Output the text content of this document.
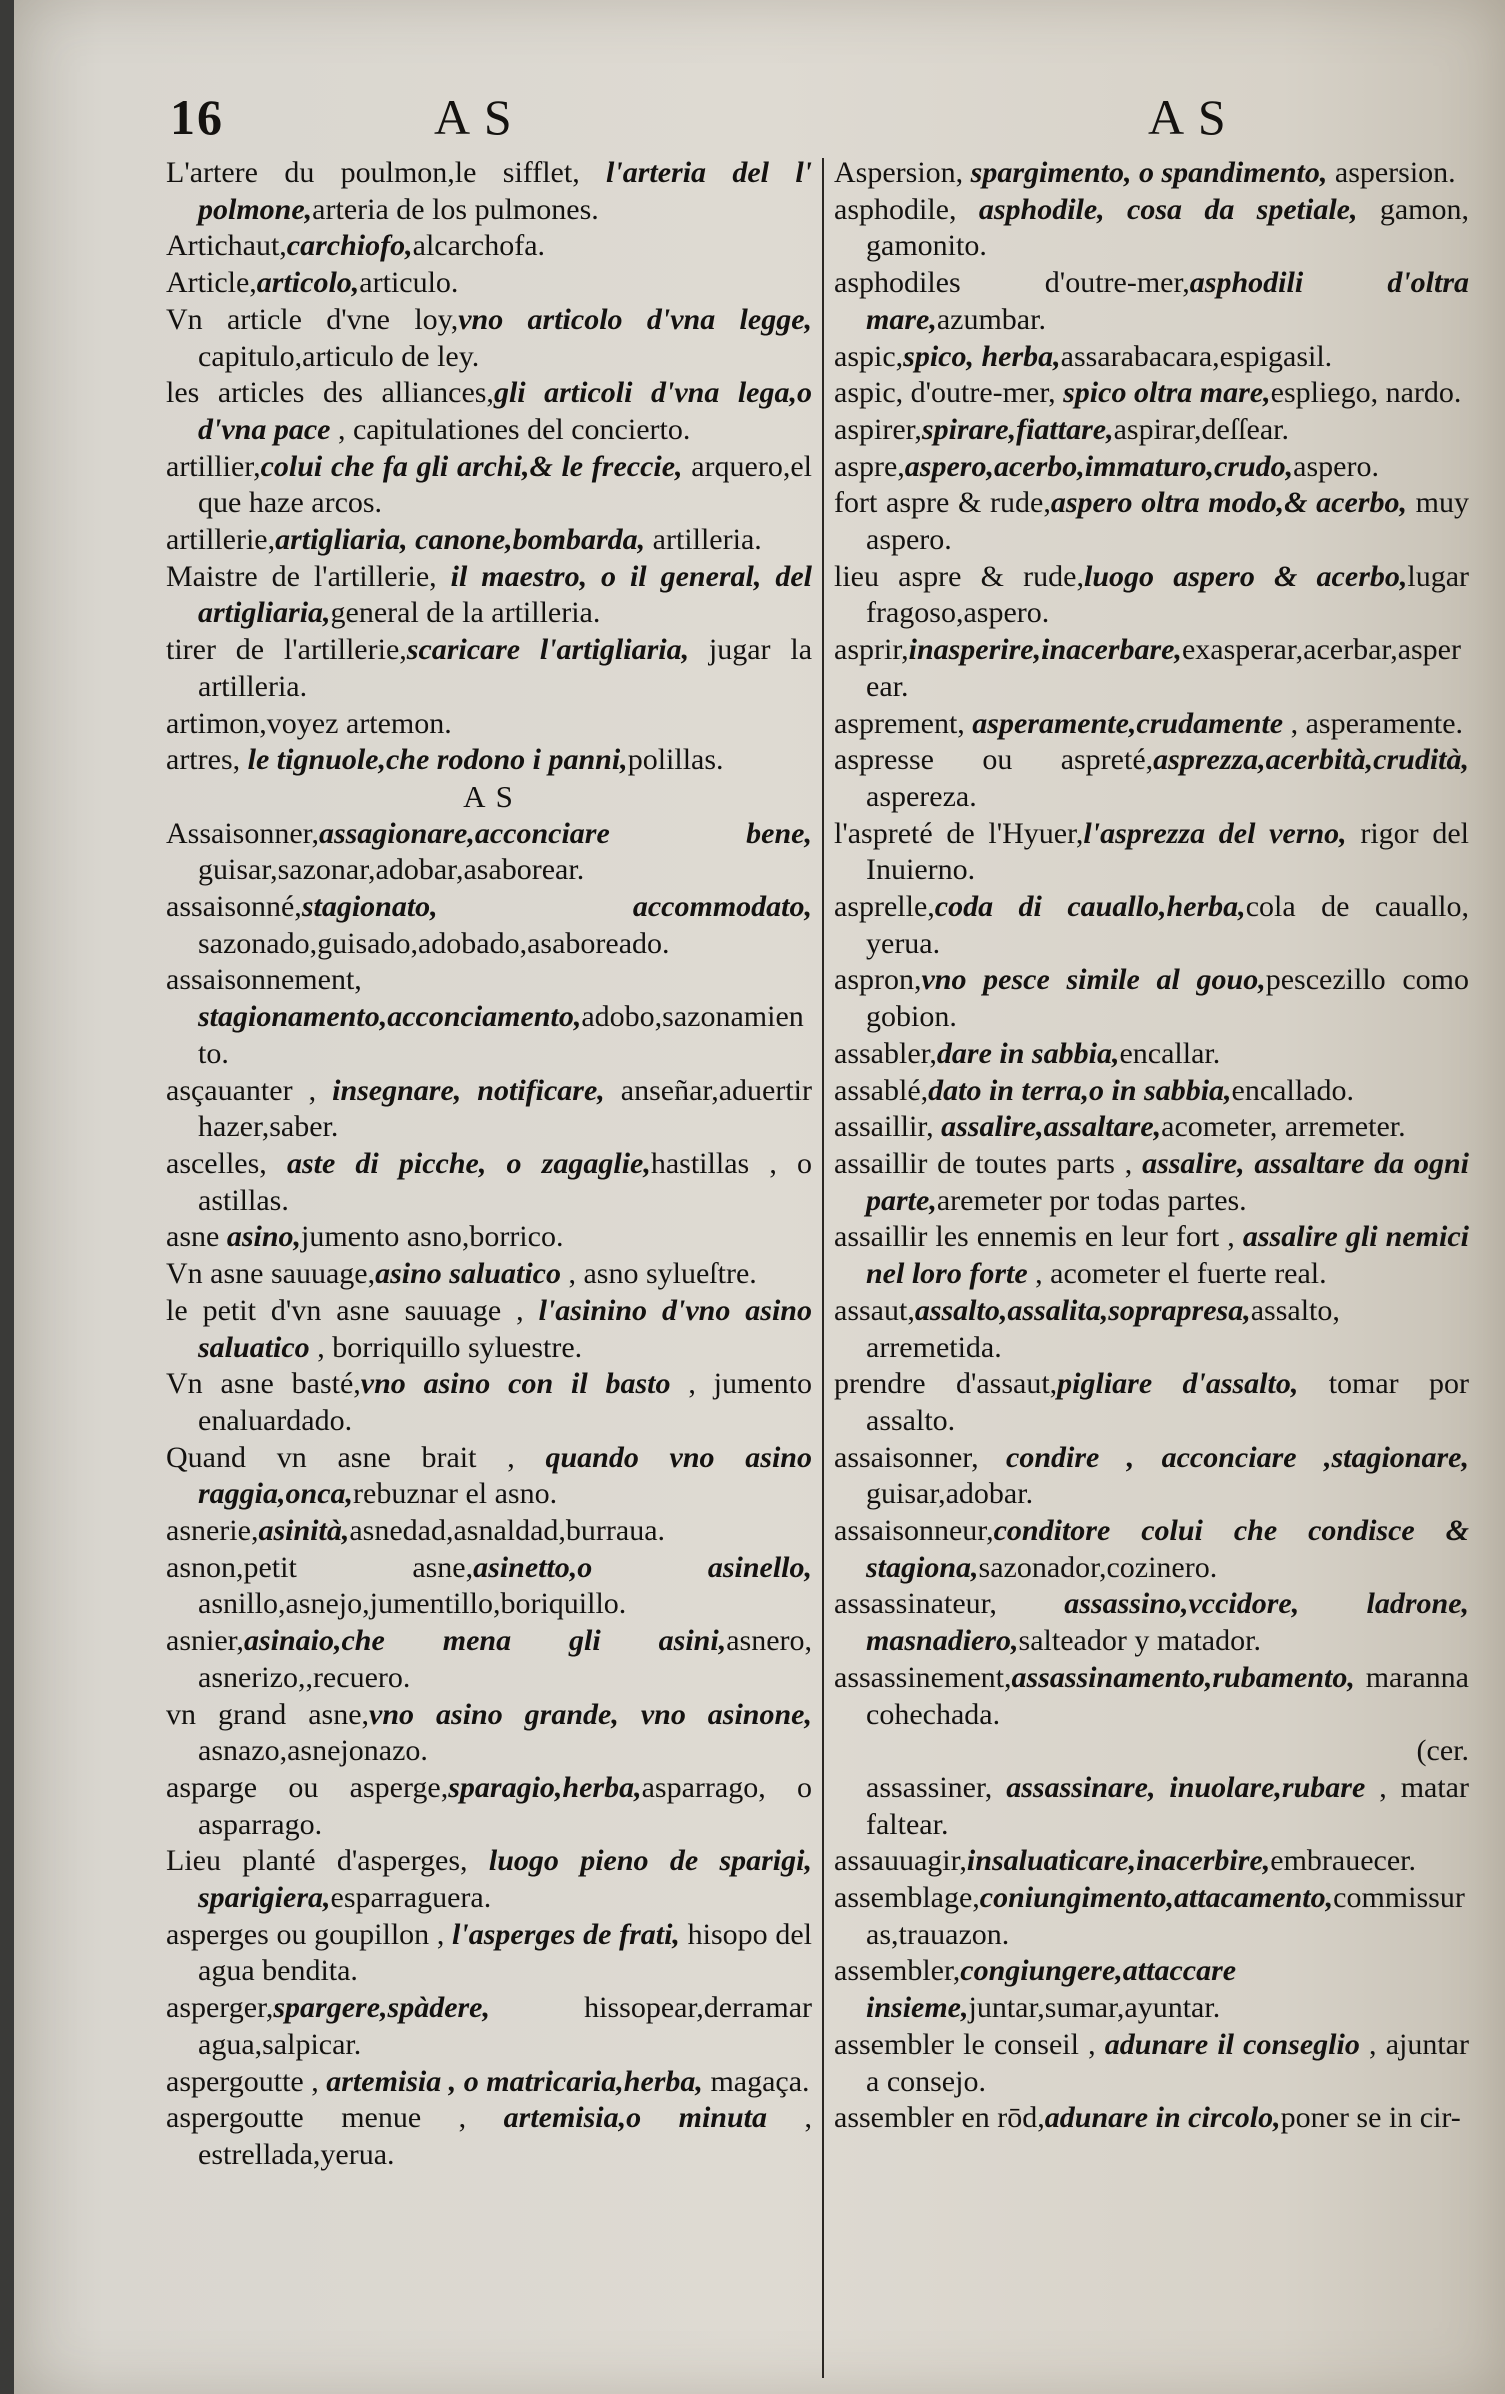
16	A S	A S
L'artere du poulmon,le sifflet, l'arteria del l' polmone,arteria de los pulmones.
Artichaut,carchiofo,alcarchofa.
Article,articolo,articulo.
Vn article d'vne loy,vno articolo d'vna legge, capitulo,articulo de ley.
les articles des alliances,gli articoli d'vna lega,o d'vna pace , capitulationes del concierto.
artillier,colui che fa gli archi,& le freccie, arquero,el que haze arcos.
artillerie,artigliaria, canone,bombarda, artilleria.
Maistre de l'artillerie, il maestro, o il general, del artigliaria,general de la artilleria.
tirer de l'artillerie,scaricare l'artigliaria, jugar la artilleria.
artimon,voyez artemon.
artres, le tignuole,che rodono i panni,polillas.
A S
Assaisonner,assagionare,acconciare bene, guisar,sazonar,adobar,asaborear.
assaisonné,stagionato, accommodato, sazonado,guisado,adobado,asaboreado.
assaisonnement, stagionamento,acconciamento,adobo,sazonamiento.
asçauanter , insegnare, notificare, anseñar,aduertir hazer,saber.
ascelles, aste di picche, o zagaglie,hastillas , o astillas.
asne asino,jumento asno,borrico.
Vn asne sauuage,asino saluatico , asno sylueſtre.
le petit d'vn asne sauuage , l'asinino d'vno asino saluatico , borriquillo syluestre.
Vn asne basté,vno asino con il basto , jumento enaluardado.
Quand vn asne brait , quando vno asino raggia,onca,rebuznar el asno.
asnerie,asinità,asnedad,asnaldad,burraua.
asnon,petit asne,asinetto,o asinello, asnillo,asnejo,jumentillo,boriquillo.
asnier,asinaio,che mena gli asini,asnero, asnerizo,,recuero.
vn grand asne,vno asino grande, vno asinone, asnazo,asnejonazo.
asparge ou asperge,sparagio,herba,asparrago, o asparrago.
Lieu planté d'asperges, luogo pieno de sparigi, sparigiera,esparraguera.
asperges ou goupillon , l'asperges de frati, hisopo del agua bendita.
asperger,spargere,spàdere, hissopear,derramar agua,salpicar.
aspergoutte , artemisia , o matricaria,herba, magaça.
aspergoutte menue , artemisia,o minuta , estrellada,yerua.
Aspersion, spargimento, o spandimento, aspersion.
asphodile, asphodile, cosa da spetiale, gamon, gamonito.
asphodiles d'outre-mer,asphodili d'oltra mare,azumbar.
aspic,spico, herba,assarabacara,espigasil.
aspic, d'outre-mer, spico oltra mare,espliego, nardo.
aspirer,spirare,fiattare,aspirar,deſſear.
aspre,aspero,acerbo,immaturo,crudo,aspero.
fort aspre & rude,aspero oltra modo,& acerbo, muy aspero.
lieu aspre & rude,luogo aspero & acerbo,lugar fragoso,aspero.
asprir,inasperire,inacerbare,exasperar,acerbar,asperear.
asprement, asperamente,crudamente , asperamente.
aspresse ou aspreté,asprezza,acerbità,crudità, aspereza.
l'aspreté de l'Hyuer,l'asprezza del verno, rigor del Inuierno.
asprelle,coda di cauallo,herba,cola de cauallo, yerua.
aspron,vno pesce simile al gouo,pescezillo como gobion.
assabler,dare in sabbia,encallar.
assablé,dato in terra,o in sabbia,encallado.
assaillir, assalire,assaltare,acometer, arremeter.
assaillir de toutes parts , assalire, assaltare da ogni parte,aremeter por todas partes.
assaillir les ennemis en leur fort , assalire gli nemici nel loro forte , acometer el fuerte real.
assaut,assalto,assalita,soprapresa,assalto, arremetida.
prendre d'assaut,pigliare d'assalto, tomar por assalto.
assaisonner, condire , acconciare ,stagionare, guisar,adobar.
assaisonneur,conditore colui che condisce & stagiona,sazonador,cozinero.
assassinateur, assassino,vccidore, ladrone, masnadiero,salteador y matador.
assassinement,assassinamento,rubamento, maranna cohechada.
(cer.
assassiner, assassinare, inuolare,rubare , matar faltear.
assauuagir,insaluaticare,inacerbire,embrauecer.
assemblage,coniungimento,attacamento,commissuras,trauazon.
assembler,congiungere,attaccare insieme,juntar,sumar,ayuntar.
assembler le conseil , adunare il conseglio , ajuntar a consejo.
assembler en rōd,adunare in circolo,poner se in cir-
